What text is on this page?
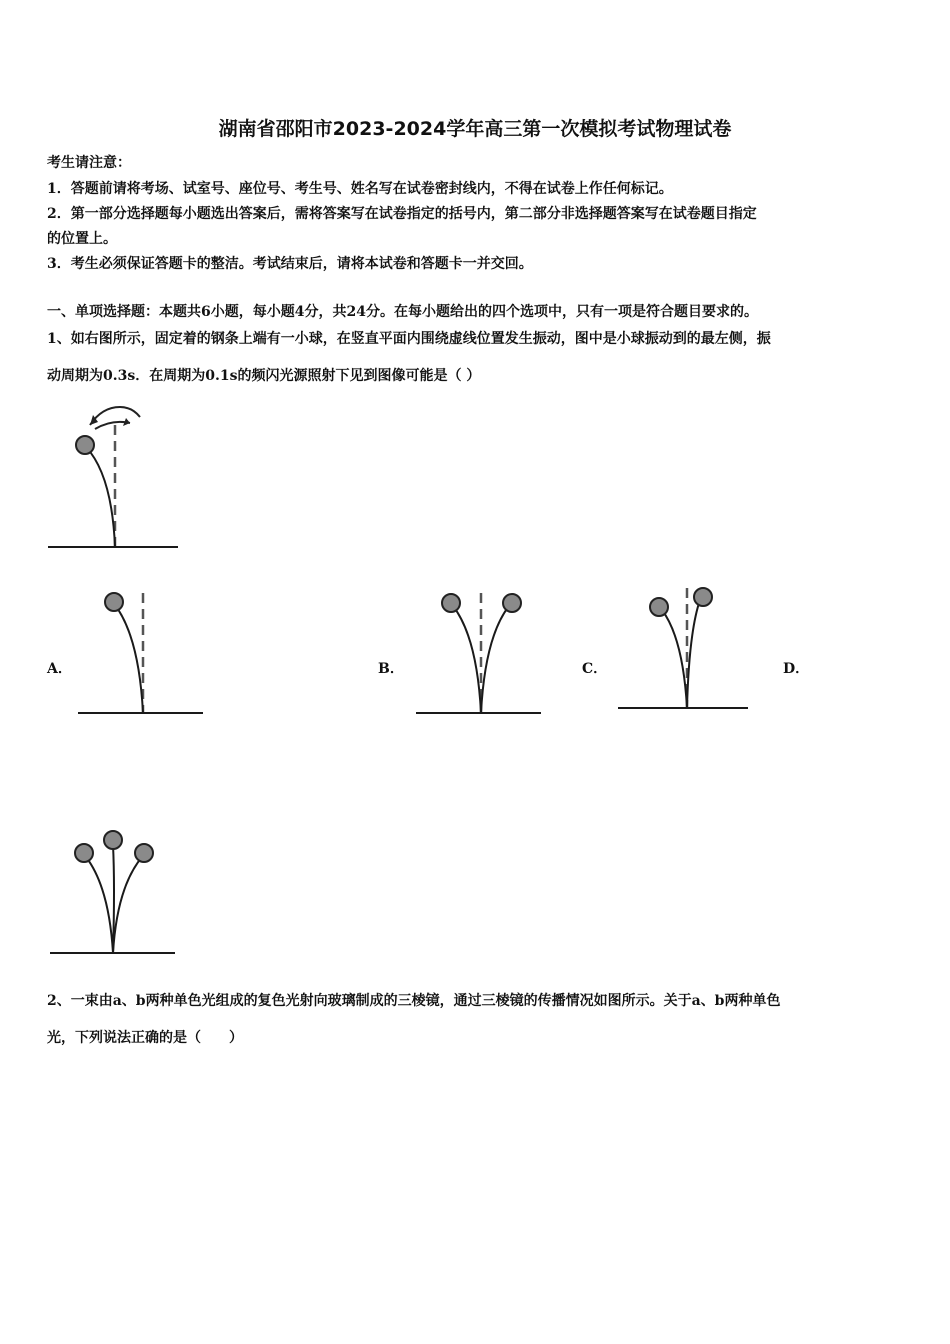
湖南省邵阳市2023-2024学年高三第一次模拟考试物理试卷
考生请注意：
1．答题前请将考场、试室号、座位号、考生号、姓名写在试卷密封线内，不得在试卷上作任何标记。
2．第一部分选择题每小题选出答案后，需将答案写在试卷指定的括号内，第二部分非选择题答案写在试卷题目指定
的位置上。
3．考生必须保证答题卡的整洁。考试结束后，请将本试卷和答题卡一并交回。
一、单项选择题：本题共6小题，每小题4分，共24分。在每小题给出的四个选项中，只有一项是符合题目要求的。
1、如右图所示，固定着的钢条上端有一小球，在竖直平面内围绕虚线位置发生振动，图中是小球振动到的最左侧，振
动周期为0.3s．在周期为0.1s的频闪光源照射下见到图像可能是（ ）
A．	B．	C．	D．
2、一束由a、b两种单色光组成的复色光射向玻璃制成的三棱镜，通过三棱镜的传播情况如图所示。关于a、b两种单色
光，下列说法正确的是（　　）
